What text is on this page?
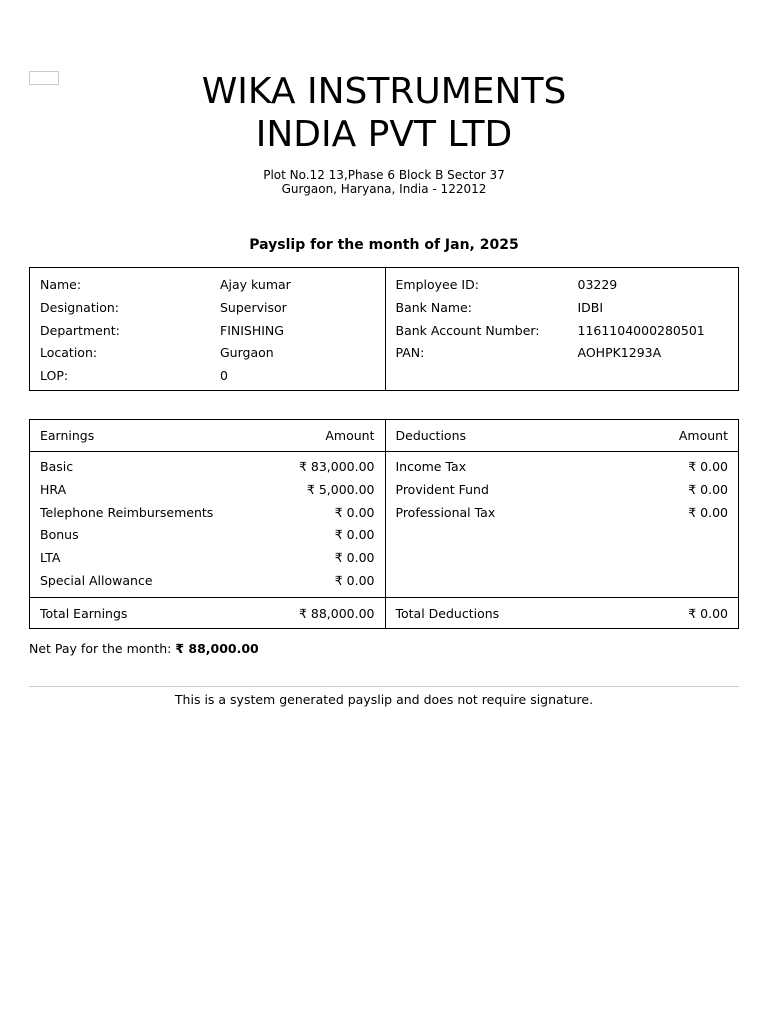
WIKA INSTRUMENTS
INDIA PVT LTD
Plot No.12 13,Phase 6 Block B Sector 37
Gurgaon, Haryana, India - 122012
Payslip for the month of Jan, 2025
Name:	Ajay kumar
Designation:	Supervisor
Department:	FINISHING
Location:	Gurgaon
LOP:	0
Employee ID:	03229
Bank Name:	IDBI
Bank Account Number:	1161104000280501
PAN:	AOHPK1293A
Earnings	Amount Deductions	Amount
Basic	₹ 83,000.00
HRA	₹ 5,000.00
Telephone Reimbursements	₹ 0.00
Bonus	₹ 0.00
LTA	₹ 0.00
Special Allowance	₹ 0.00
Income Tax	₹ 0.00
Provident Fund	₹ 0.00
Professional Tax	₹ 0.00
Total Earnings	₹ 88,000.00 Total Deductions	₹ 0.00
Net Pay for the month: ₹ 88,000.00
This is a system generated payslip and does not require signature.
